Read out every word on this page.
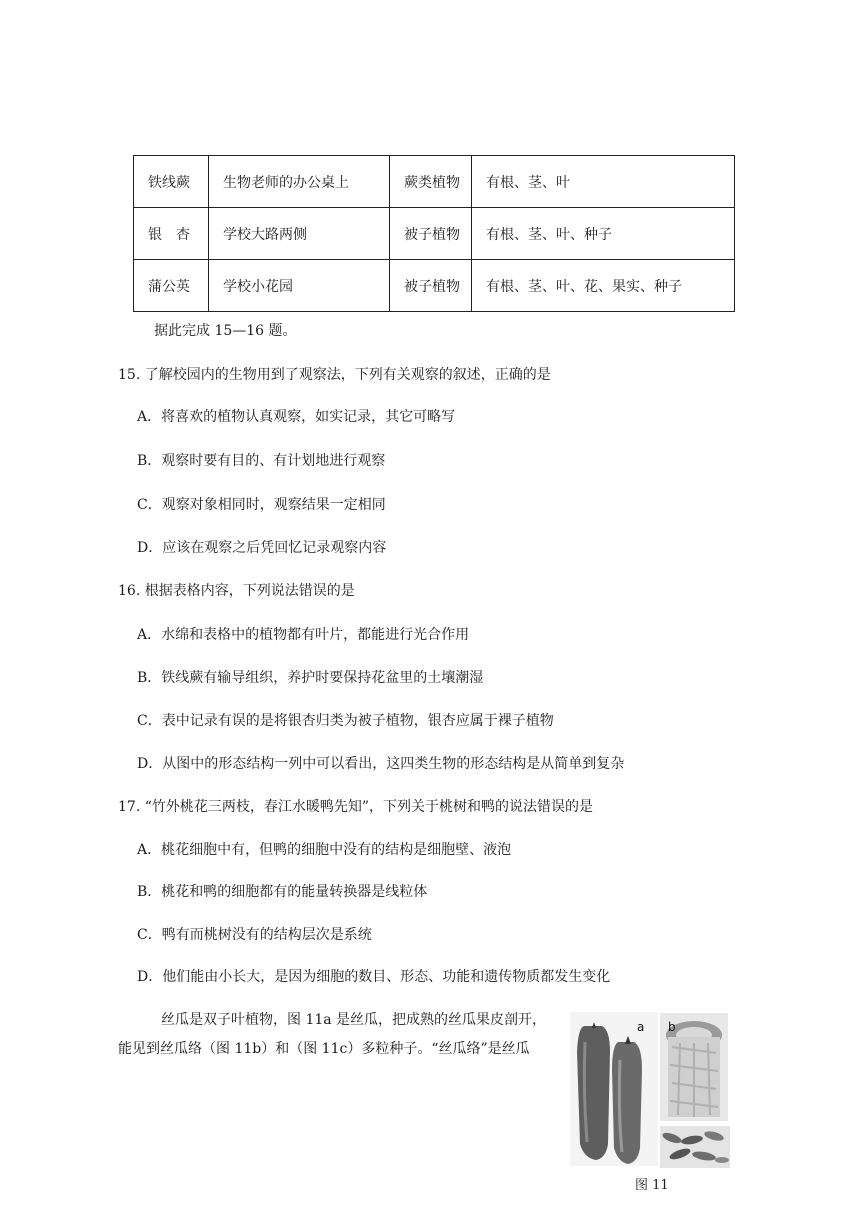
铁线蕨	生物老师的办公桌上	蕨类植物	有根、茎、叶
银　杏	学校大路两侧	被子植物	有根、茎、叶、种子
蒲公英	学校小花园	被子植物	有根、茎、叶、花、果实、种子
据此完成 15—16 题。
15. 了解校园内的生物用到了观察法，下列有关观察的叙述，正确的是
A．将喜欢的植物认真观察，如实记录，其它可略写
B．观察时要有目的、有计划地进行观察
C．观察对象相同时，观察结果一定相同
D．应该在观察之后凭回忆记录观察内容
16. 根据表格内容，下列说法错误的是
A．水绵和表格中的植物都有叶片，都能进行光合作用
B．铁线蕨有输导组织，养护时要保持花盆里的土壤潮湿
C．表中记录有误的是将银杏归类为被子植物，银杏应属于裸子植物
D．从图中的形态结构一列中可以看出，这四类生物的形态结构是从简单到复杂
17. “竹外桃花三两枝，春江水暖鸭先知”，下列关于桃树和鸭的说法错误的是
A．桃花细胞中有，但鸭的细胞中没有的结构是细胞壁、液泡
B．桃花和鸭的细胞都有的能量转换器是线粒体
C．鸭有而桃树没有的结构层次是系统
D．他们能由小长大，是因为细胞的数目、形态、功能和遗传物质都发生变化
丝瓜是双子叶植物，图 11a 是丝瓜，把成熟的丝瓜果皮剖开，
能见到丝瓜络（图 11b）和（图 11c）多粒种子。“丝瓜络”是丝瓜
a b
图 11
